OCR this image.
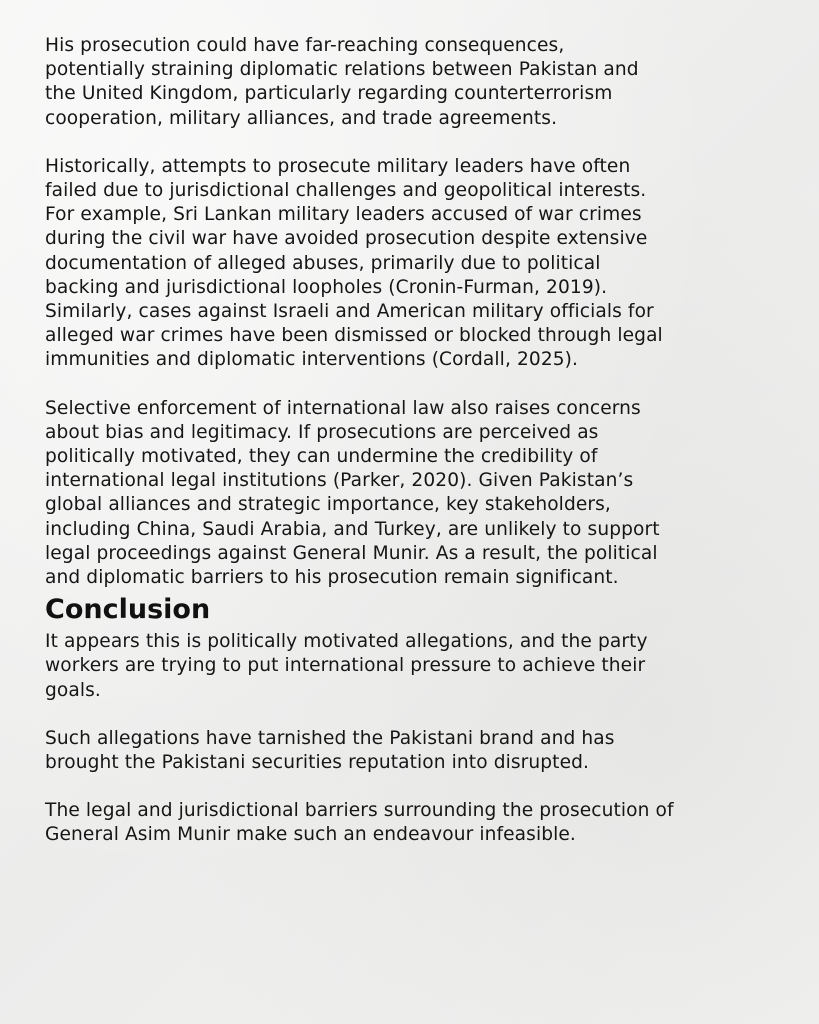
His prosecution could have far-reaching consequences,
potentially straining diplomatic relations between Pakistan and
the United Kingdom, particularly regarding counterterrorism
cooperation, military alliances, and trade agreements.

Historically, attempts to prosecute military leaders have often
failed due to jurisdictional challenges and geopolitical interests.
For example, Sri Lankan military leaders accused of war crimes
during the civil war have avoided prosecution despite extensive
documentation of alleged abuses, primarily due to political
backing and jurisdictional loopholes (Cronin-Furman, 2019).
Similarly, cases against Israeli and American military officials for
alleged war crimes have been dismissed or blocked through legal
immunities and diplomatic interventions (Cordall, 2025).

Selective enforcement of international law also raises concerns
about bias and legitimacy. If prosecutions are perceived as
politically motivated, they can undermine the credibility of
international legal institutions (Parker, 2020). Given Pakistan’s
global alliances and strategic importance, key stakeholders,
including China, Saudi Arabia, and Turkey, are unlikely to support
legal proceedings against General Munir. As a result, the political
and diplomatic barriers to his prosecution remain significant.

Conclusion

It appears this is politically motivated allegations, and the party
workers are trying to put international pressure to achieve their
goals.

Such allegations have tarnished the Pakistani brand and has
brought the Pakistani securities reputation into disrupted.

The legal and jurisdictional barriers surrounding the prosecution of
General Asim Munir make such an endeavour infeasible.
